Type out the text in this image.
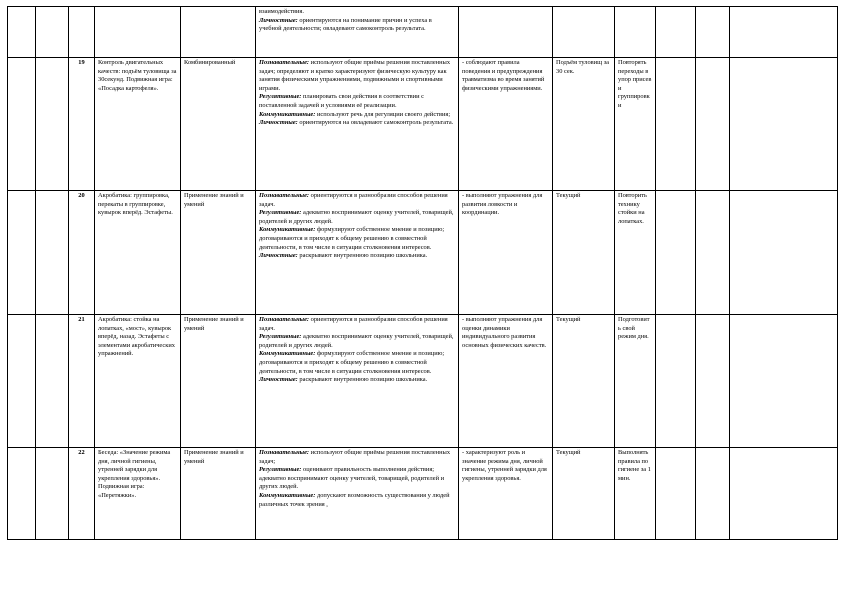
					взаимодействия.
Личностные: ориентируются на понимание причин и успеха в учебной деятельности; овладевают самоконтроль результата.						

		19	Контроль двигательных качеств: подъём туловища за 30секунд. Подвижная игра: «Посадка картофеля».	Комбинированный	Познавательные: используют общие приёмы решения поставленных задач; определяют и кратко характеризуют физическую культуру как занятия физическими упражнениями, подвижными и спортивными играми.
Регулятивные: планировать свои действия в соответствии с поставленной задачей и условиями её реализации.
Коммуникативные: используют речь для регуляции своего действия;
Личностные: ориентируются на овладевают самоконтроль результата.	- соблюдают правила поведения и предупреждения травматизма во время занятий физическими упражнениями.	Подъём туловищ за 30 сек.	Повторять переходы в упор присев и группировки			
		20	Акробатика: группировка, перекаты в группировке, кувырок вперёд. Эстафеты.	Применение знаний и умений	Познавательные: ориентируются в разнообразии способов решения задач.
Регулятивные: адекватно воспринимают оценку учителей, товарищей, родителей и других людей.
Коммуникативные: формулируют собственное мнение и позицию; договариваются и приходят к общему решению в совместной деятельности, в том числе в ситуации столкновения интересов.
Личностные: раскрывают внутреннюю позицию школьника.	- выполняют упражнения для развития ловкости и координации.	Текущий	Повторить технику стойки на лопатках.			
		21	Акробатика: стойка на лопатках, «мост», кувырок вперёд, назад. Эстафеты с элементами акробатических упражнений.	Применение знаний и умений	Познавательные: ориентируются в разнообразии способов решения задач.
Регулятивные: адекватно воспринимают оценку учителей, товарищей, родителей и других людей.
Коммуникативные: формулируют собственное мнение и позицию; договариваются и приходят к общему решению в совместной деятельности, в том числе в ситуации столкновения интересов.
Личностные: раскрывают внутреннюю позицию школьника.	- выполняют упражнения для оценки динамики индивидуального развития основных физических качеств.	Текущий	Подготовить свой режим дня.			
		22	Беседа: «Значение режима дня, личной гигиены, утренней зарядки для укрепления здоровья». Подвижная игра: «Перетяжки».	Применение знаний и умений	Познавательные: используют общие приёмы решения поставленных задач;
Регулятивные: оценивают правильность выполнения действия; адекватно воспринимают оценку учителей, товарищей, родителей и других людей.
Коммуникативные: допускают возможность существования у людей различных точек зрения ,	- характеризуют роль и значение режима дня, личной гигиены, утренней зарядки для укрепления здоровья.	Текущий	Выполнять правила по гигиене за 1 мин.			
